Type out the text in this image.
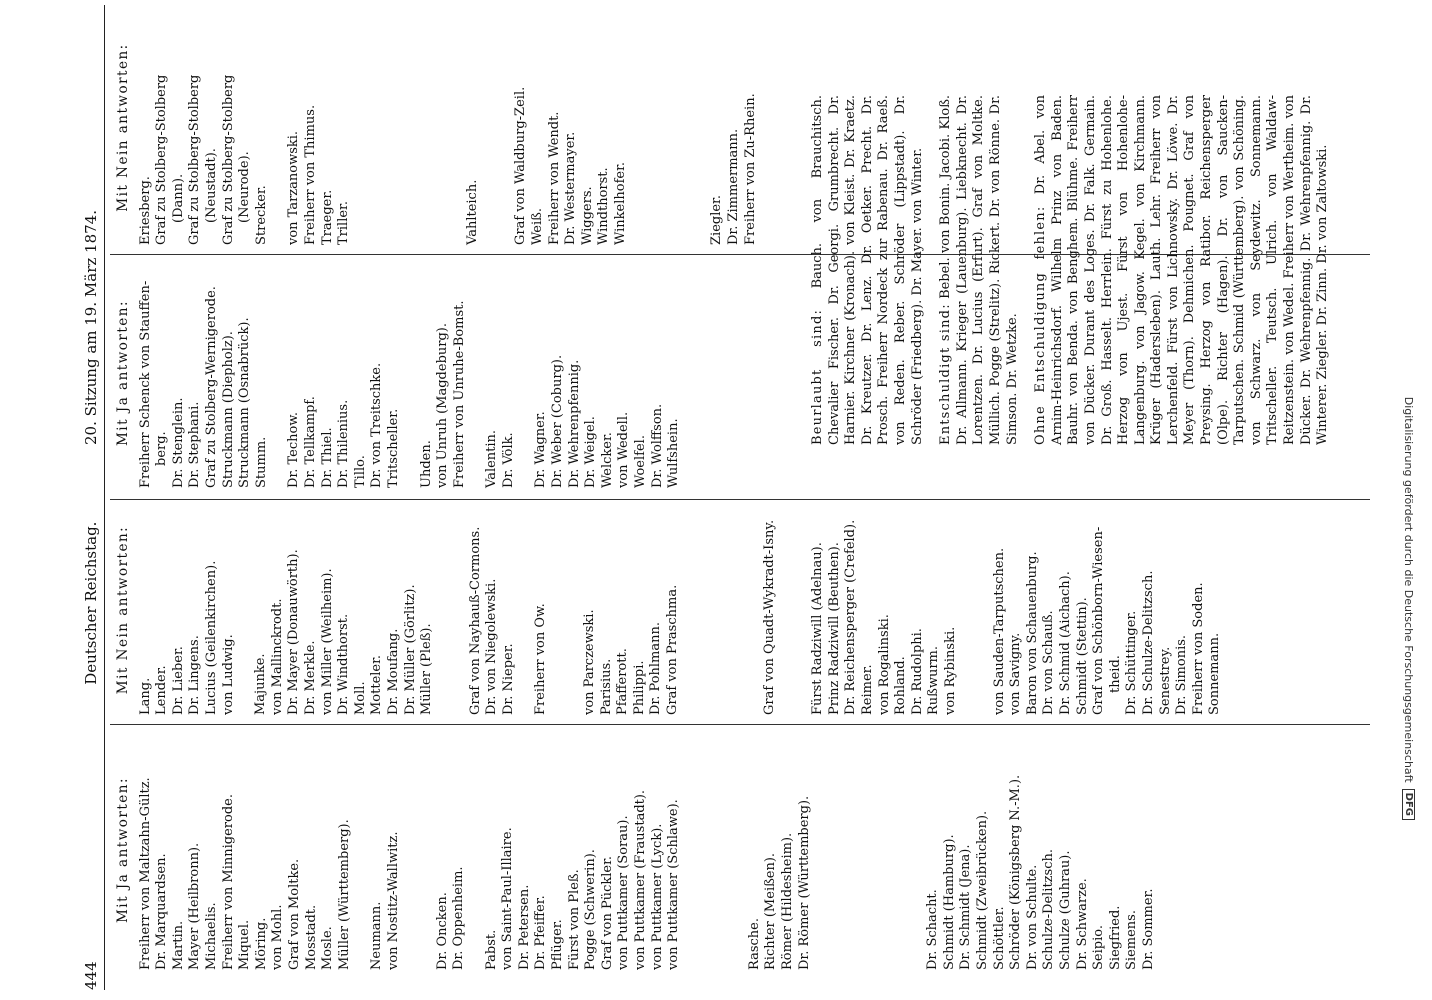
444
Deutscher Reichstag.
20. Sitzung am 19. März 1874.
Mit Ja antworten: Freiherr von Maltzahn-Gültz. Dr. Marquardsen. Martin. Mayer (Heilbronn). Michaelis. Freiherr von Minnigerode. Miquel. Möring. von Mohl. Graf von Moltke. Mosstadt. Mosle. Müller (Württemberg). Neumann. von Nostitz-Wallwitz.	Dr. Oncken. Dr. Oppenheim. Pabst. von Saint-Paul-Illaire. Dr. Petersen. Dr. Pfeiffer. Pflüger. Fürst von Pleß. Pogge (Schwerin). Graf von Pückler. von Puttkamer (Sorau). von Puttkamer (Fraustadt). von Puttkamer (Lyck). von Puttkamer (Schlawe).	Rasche. Richter (Meißen). Römer (Hildesheim). Dr. Römer (Württemberg).	Dr. Schacht. Schmidt (Hamburg). Dr. Schmidt (Jena). Schmidt (Zweibrücken). Schöttler. Schröder (Königsberg N.-M.). Dr. von Schulte. Schulze-Delitzsch. Schulze (Guhrau). Dr. Schwarze. Seipio. Siegfried. Siemens. Dr. Sommer.
Mit Nein antworten:
Lang. Lender. Dr. Lieber. Dr. Lingens. Lucius (Geilenkirchen). von Ludwig. Majunke. von Mallinckrodt. Dr. Mayer (Donauwörth). Dr. Merkle. von Miller (Weilheim). Dr. Windthorst. Moll. Motteler. Dr. Moufang. Dr. Müller (Görlitz). Müller (Pleß).	Graf von Nayhauß-Cormons. Dr. von Niegolewski. Dr. Nieper. Freiherr von Ow.	von Parczewski. Parisius. Pfafferott. Philippi. Dr. Pohlmann. Graf von Praschma.	Graf von Quadt-Wykradt-Isny.	Fürst Radziwill (Adelnau). Prinz Radziwill (Beuthen). Dr. Reichensperger (Crefeld). Reimer. von Rogalinski. Rohland. Dr. Rudolphi. Rußwurm. von Rybinski.	von Sauden-Tarputschen. von Savigny. Baron von Schauenburg. Dr. von Schauß. Dr. Schmid (Aichach). Schmidt (Stettin). Graf von Schönborn-Wiesen- theid. Dr. Schüttinger. Dr. Schulze-Delitzsch. Senestrey. Dr. Simonis. Freiherr von Soden. Sonnemann.
Mit Ja antworten: Freiherr Schenck von Stauffen- berg. Dr. Stenglein. Dr. Stephani. Graf zu Stolberg-Wernigerode. Struckmann (Diepholz). Struckmann (Osnabrück). Stumm. Dr. Techow. Dr. Tellkampf. Dr. Thiel. Dr. Thilenius. Tillo. Dr. von Treitschke. Tritscheller. Uhden. von Unruh (Magdeburg). Freiherr von Unruhe-Bomst. Valentin. Dr. Völk. Dr. Wagner. Dr. Weber (Coburg). Dr. Wehrenpfennig. Dr. Weigel. Welcker. von Wedell. Woelfel. Dr. Wolffson. Wulfshein.
Mit Nein antworten: Eriesberg. Graf zu Stolberg-Stolberg (Dann). Graf zu Stolberg-Stolberg (Neustadt). Graf zu Stolberg-Stolberg (Neurode). Strecker. von Tarzanowski. Freiherr von Thimus. Traeger. Triller.	Vahlteich.	Graf von Waldburg-Zeil. Weiß. Freiherr von Wendt. Dr. Westermayer. Wiggers. Windthorst. Winkelhofer.	Ziegler. Dr. Zimmermann. Freiherr von Zu-Rhein.
Beurlaubt sind: Bauch. von Brauchitsch. Chevalier Fischer. Dr. Georgi. Grumbrecht. Dr. Harnier. Kirchner (Kronach). von Kleist. Dr. Kraetz. Dr. Kreutzer. Dr. Lenz. Dr. Oetker. Precht. Dr. Prosch. Freiherr Nordeck zur Rabenau. Dr. Raeß. von Reden. Reber. Schröder (Lippstadt). Dr. Schröder (Friedberg). Dr. Mayer. von Winter. Entschuldigt sind: Bebel. von Bonin. Jacobi. Kloß. Dr. Allmann. Krieger (Lauenburg). Liebknecht. Dr. Lorentzen. Dr. Lucius (Erfurt). Graf von Moltke. Müllich. Pogge (Strelitz). Rickert. Dr. von Rönne. Dr. Simson. Dr. Wetzke. Ohne Entschuldigung fehlen: Dr. Abel. von Arnim-Heinrichsdorf. Wilhelm Prinz von Baden. Bauhr. von Benda. von Benghem. Blühme. Freiherr von Dücker. Durant des Loges. Dr. Falk. Germain. Dr. Groß. Hasselt. Herrlein. Fürst zu Hohenlohe. Herzog von Ujest. Fürst von Hohenlohe-Langenburg. von Jagow. Kegel. von Kirchmann. Krüger (Hadersleben). Lauth. Lehr. Freiherr von Lerchenfeld. Fürst von Lichnowsky. Dr. Löwe. Dr. Meyer (Thorn). Dehmichen. Pougnet. Graf von Preysing. Herzog von Ratibor. Reichensperger (Olpe). Richter (Hagen). Dr. von Saucken-Tarputschen. Schmid (Württemberg). von Schöning. von Schwarz. von Seydewitz. Sonnemann. Tritscheller. Teutsch. Ulrich. von Waldaw-Reitzenstein. von Wedel. Freiherr von Wertheim. von Dücker. Dr. Wehrenpfennig. Dr. Wehrenpfennig. Dr. Winterer. Ziegler. Dr. Zinn. Dr. von Zaltowski.
Digitalisierung gefördert durch die Deutsche Forschungsgemeinschaft
DFG
